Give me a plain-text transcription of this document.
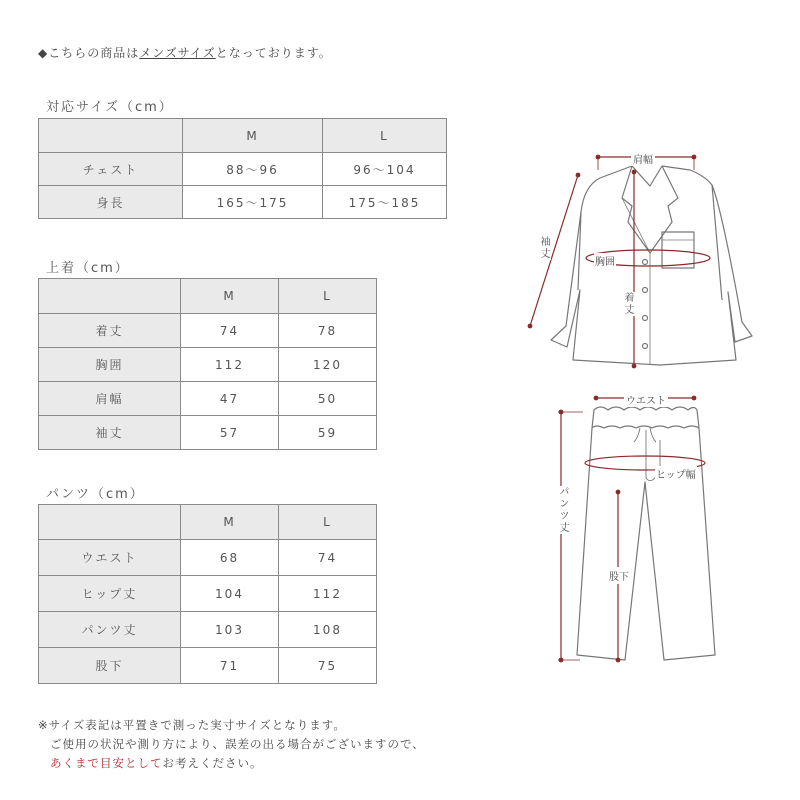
◆こちらの商品はメンズサイズとなっております。
対応サイズ（cm）
	M	L
チェスト	88〜96	96〜104
身長	165〜175	175〜185
上着（cm）
	M	L
着丈	74	78
胸囲	112	120
肩幅	47	50
袖丈	57	59
パンツ（cm）
	M	L
ウエスト	68	74
ヒップ丈	104	112
パンツ丈	103	108
股下	71	75
※サイズ表記は平置きで測った実寸サイズとなります。
ご使用の状況や測り方により、誤差の出る場合がございますので、
あくまで目安としてお考えください。
肩幅
袖丈
胸囲
着丈
ウエスト
ヒップ幅
パンツ丈
股下
